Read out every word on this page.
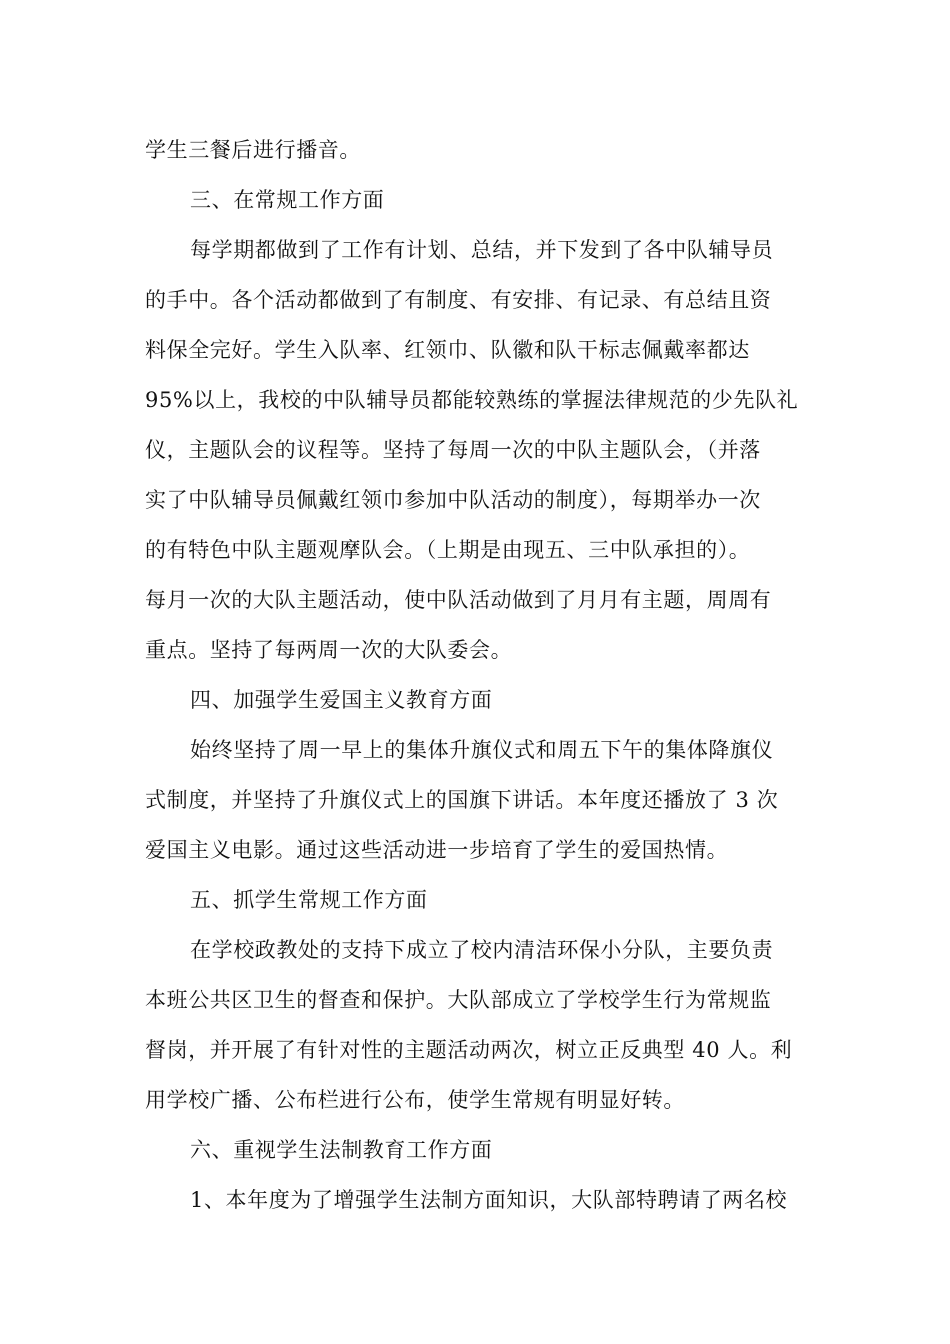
学生三餐后进行播音。
三、在常规工作方面
每学期都做到了工作有计划、总结，并下发到了各中队辅导员
的手中。各个活动都做到了有制度、有安排、有记录、有总结且资
料保全完好。学生入队率、红领巾、队徽和队干标志佩戴率都达
95%以上，我校的中队辅导员都能较熟练的掌握法律规范的少先队礼
仪，主题队会的议程等。坚持了每周一次的中队主题队会，（并落
实了中队辅导员佩戴红领巾参加中队活动的制度），每期举办一次
的有特色中队主题观摩队会。（上期是由现五、三中队承担的）。
每月一次的大队主题活动，使中队活动做到了月月有主题，周周有
重点。坚持了每两周一次的大队委会。
四、加强学生爱国主义教育方面
始终坚持了周一早上的集体升旗仪式和周五下午的集体降旗仪
式制度，并坚持了升旗仪式上的国旗下讲话。本年度还播放了 3 次
爱国主义电影。通过这些活动进一步培育了学生的爱国热情。
五、抓学生常规工作方面
在学校政教处的支持下成立了校内清洁环保小分队，主要负责
本班公共区卫生的督查和保护。大队部成立了学校学生行为常规监
督岗，并开展了有针对性的主题活动两次，树立正反典型 40 人。利
用学校广播、公布栏进行公布，使学生常规有明显好转。
六、重视学生法制教育工作方面
1、本年度为了增强学生法制方面知识，大队部特聘请了两名校
